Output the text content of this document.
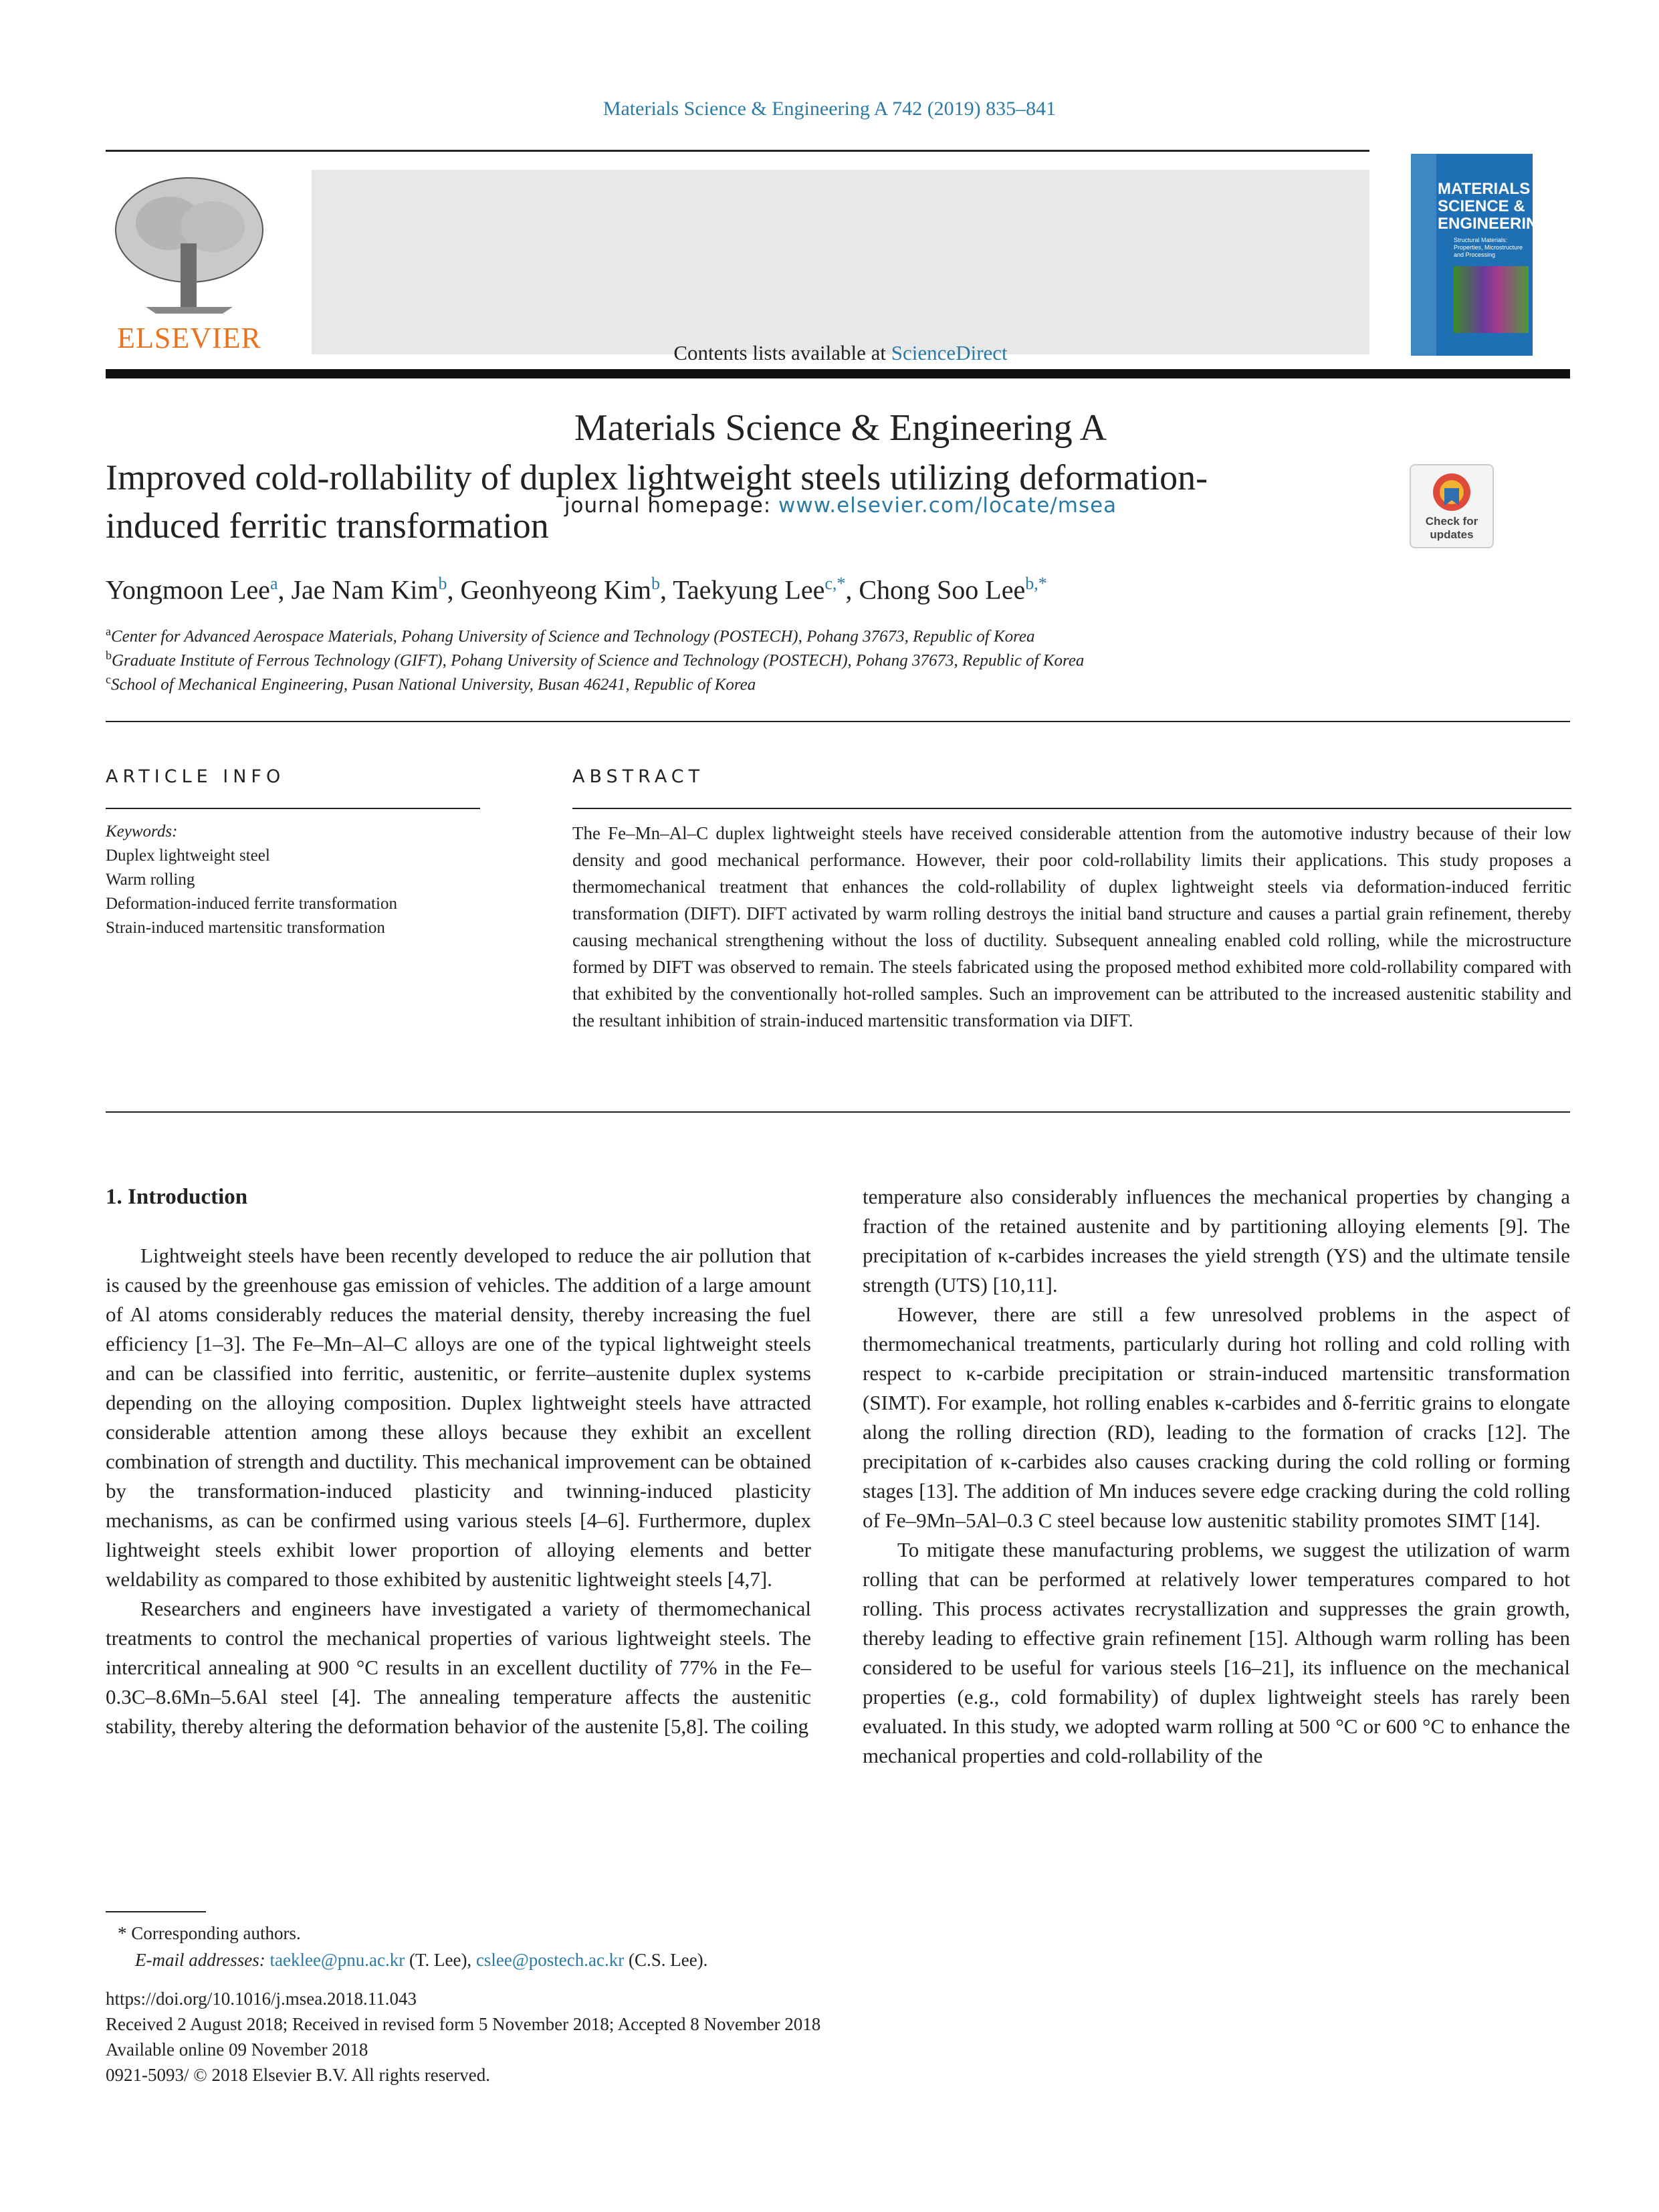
Materials Science & Engineering A 742 (2019) 835–841
ELSEVIER	Contents lists available at ScienceDirect
Materials Science & Engineering A
journal homepage: www.elsevier.com/locate/msea
MATERIALS
SCIENCE &
ENGINEERING
Structural Materials: Properties, Microstructure and Processing
Improved cold-rollability of duplex lightweight steels utilizing deformation-
induced ferritic transformation	Check for updates
Yongmoon Lee$^a$, Jae Nam Kim$^b$, Geonhyeong Kim$^b$, Taekyung Lee$^{c,*}$, Chong Soo Lee$^{b,*}$
$^a$Center for Advanced Aerospace Materials, Pohang University of Science and Technology (POSTECH), Pohang 37673, Republic of Korea
$^b$Graduate Institute of Ferrous Technology (GIFT), Pohang University of Science and Technology (POSTECH), Pohang 37673, Republic of Korea
$^c$School of Mechanical Engineering, Pusan National University, Busan 46241, Republic of Korea
ARTICLE INFO
Keywords:
Duplex lightweight steel
Warm rolling
Deformation-induced ferrite transformation
Strain-induced martensitic transformation
ABSTRACT
The Fe–Mn–Al–C duplex lightweight steels have received considerable attention from the automotive industry because of their low density and good mechanical performance. However, their poor cold-rollability limits their applications. This study proposes a thermomechanical treatment that enhances the cold-rollability of duplex lightweight steels via deformation-induced ferritic transformation (DIFT). DIFT activated by warm rolling destroys the initial band structure and causes a partial grain refinement, thereby causing mechanical strengthening without the loss of ductility. Subsequent annealing enabled cold rolling, while the microstructure formed by DIFT was observed to remain. The steels fabricated using the proposed method exhibited more cold-rollability compared with that exhibited by the conventionally hot-rolled samples. Such an improvement can be attributed to the increased austenitic stability and the resultant inhibition of strain-induced martensitic transformation via DIFT.
1. Introduction

Lightweight steels have been recently developed to reduce the air pollution that is caused by the greenhouse gas emission of vehicles. The addition of a large amount of Al atoms considerably reduces the material density, thereby increasing the fuel efficiency [1–3]. The Fe–Mn–Al–C alloys are one of the typical lightweight steels and can be classified into ferritic, austenitic, or ferrite–austenite duplex systems depending on the alloying composition. Duplex lightweight steels have attracted considerable attention among these alloys because they exhibit an excellent combination of strength and ductility. This mechanical improvement can be obtained by the transformation-induced plasticity and twinning-induced plasticity mechanisms, as can be confirmed using various steels [4–6]. Furthermore, duplex lightweight steels exhibit lower proportion of alloying elements and better weldability as compared to those exhibited by austenitic lightweight steels [4,7].

Researchers and engineers have investigated a variety of thermomechanical treatments to control the mechanical properties of various lightweight steels. The intercritical annealing at 900 °C results in an excellent ductility of 77% in the Fe–0.3C–8.6Mn–5.6Al steel [4]. The annealing temperature affects the austenitic stability, thereby altering the deformation behavior of the austenite [5,8]. The coiling

temperature also considerably influences the mechanical properties by changing a fraction of the retained austenite and by partitioning alloying elements [9]. The precipitation of κ-carbides increases the yield strength (YS) and the ultimate tensile strength (UTS) [10,11].

However, there are still a few unresolved problems in the aspect of thermomechanical treatments, particularly during hot rolling and cold rolling with respect to κ-carbide precipitation or strain-induced martensitic transformation (SIMT). For example, hot rolling enables κ-carbides and δ-ferritic grains to elongate along the rolling direction (RD), leading to the formation of cracks [12]. The precipitation of κ-carbides also causes cracking during the cold rolling or forming stages [13]. The addition of Mn induces severe edge cracking during the cold rolling of Fe–9Mn–5Al–0.3 C steel because low austenitic stability promotes SIMT [14].

To mitigate these manufacturing problems, we suggest the utilization of warm rolling that can be performed at relatively lower temperatures compared to hot rolling. This process activates recrystallization and suppresses the grain growth, thereby leading to effective grain refinement [15]. Although warm rolling has been considered to be useful for various steels [16–21], its influence on the mechanical properties (e.g., cold formability) of duplex lightweight steels has rarely been evaluated. In this study, we adopted warm rolling at 500 °C or 600 °C to enhance the mechanical properties and cold-rollability of the

* Corresponding authors.
E-mail addresses: taeklee@pnu.ac.kr (T. Lee), cslee@postech.ac.kr (C.S. Lee).
https://doi.org/10.1016/j.msea.2018.11.043
Received 2 August 2018; Received in revised form 5 November 2018; Accepted 8 November 2018
Available online 09 November 2018
0921-5093/ © 2018 Elsevier B.V. All rights reserved.
